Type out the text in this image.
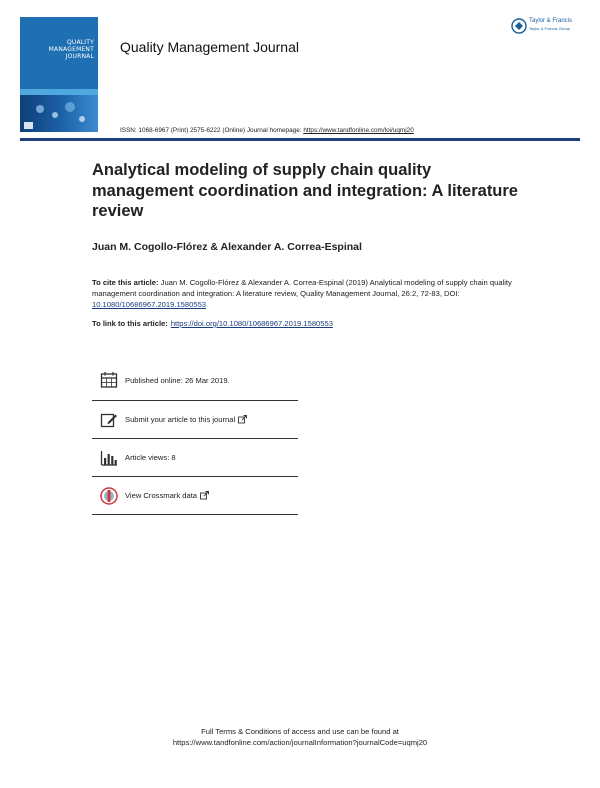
QUALITY
MANAGEMENT
JOURNAL
Quality Management Journal
Taylor & Francis
Taylor & Francis Group
ISSN: 1068-6967 (Print) 2575-6222 (Online) Journal homepage: https://www.tandfonline.com/loi/uqmj20
Analytical modeling of supply chain quality management coordination and integration: A literature review
Juan M. Cogollo-Flórez & Alexander A. Correa-Espinal
To cite this article: Juan M. Cogollo-Flórez & Alexander A. Correa-Espinal (2019) Analytical modeling of supply chain quality management coordination and integration: A literature review, Quality Management Journal, 26:2, 72-83, DOI: 10.1080/10686967.2019.1580553
To link to this article: https://doi.org/10.1080/10686967.2019.1580553
Published online: 26 Mar 2019.
Submit your article to this journal
Article views: 8
View Crossmark data
Full Terms & Conditions of access and use can be found at
https://www.tandfonline.com/action/journalInformation?journalCode=uqmj20
